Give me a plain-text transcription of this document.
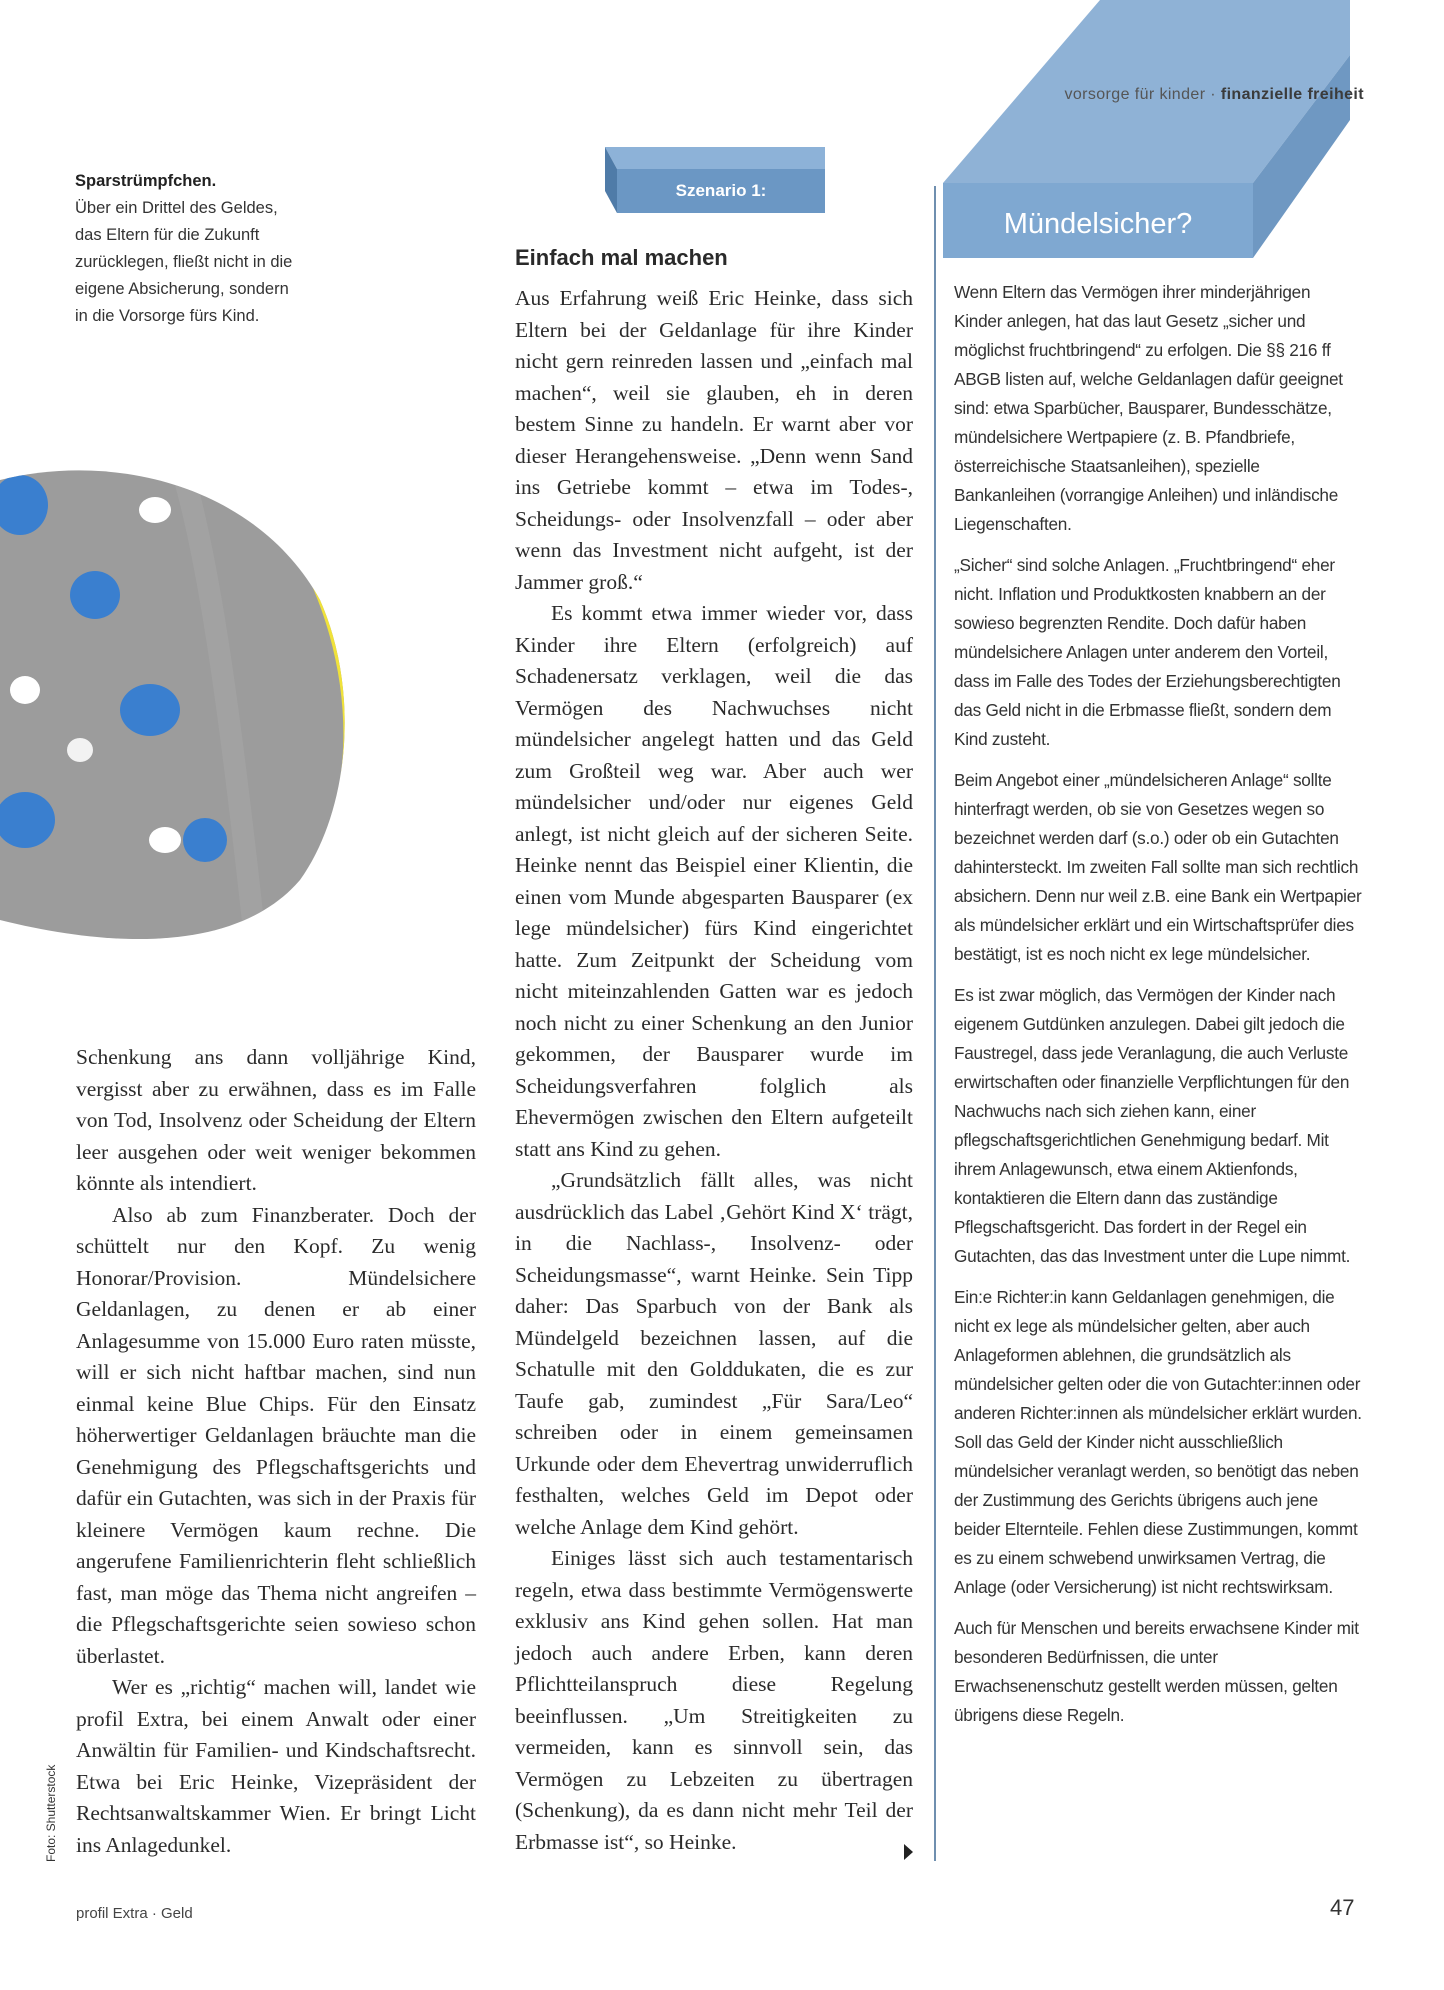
vorsorge für kinder · finanzielle freiheit
Sparstrümpfchen.
Über ein Drittel des Geldes, das Eltern für die Zukunft zurücklegen, fließt nicht in die eigene Absicherung, sondern in die Vorsorge fürs Kind.

Schenkung ans dann volljährige Kind, vergisst aber zu erwähnen, dass es im Falle von Tod, Insolvenz oder Scheidung der Eltern leer ausgehen oder weit weniger bekommen könnte als intendiert.

Also ab zum Finanzberater. Doch der schüttelt nur den Kopf. Zu wenig Honorar/Provision. Mündelsichere Geldanlagen, zu denen er ab einer Anlagesumme von 15.000 Euro raten müsste, will er sich nicht haftbar machen, sind nun einmal keine Blue Chips. Für den Einsatz höherwertiger Geldanlagen bräuchte man die Genehmigung des Pflegschaftsgerichts und dafür ein Gutachten, was sich in der Praxis für kleinere Vermögen kaum rechne. Die angerufene Familienrichterin fleht schließlich fast, man möge das Thema nicht angreifen – die Pflegschaftsgerichte seien sowieso schon überlastet.

Wer es „richtig“ machen will, landet wie profil Extra, bei einem Anwalt oder einer Anwältin für Familien- und Kindschaftsrecht. Etwa bei Eric Heinke, Vizepräsident der Rechtsanwaltskammer Wien. Er bringt Licht ins Anlagedunkel.

Szenario 1:
Einfach mal machen

Aus Erfahrung weiß Eric Heinke, dass sich Eltern bei der Geldanlage für ihre Kinder nicht gern reinreden lassen und „einfach mal machen“, weil sie glauben, eh in deren bestem Sinne zu handeln. Er warnt aber vor dieser Herangehensweise. „Denn wenn Sand ins Getriebe kommt – etwa im Todes-, Scheidungs- oder Insolvenzfall – oder aber wenn das Investment nicht aufgeht, ist der Jammer groß.“

Es kommt etwa immer wieder vor, dass Kinder ihre Eltern (erfolgreich) auf Schadenersatz verklagen, weil die das Vermögen des Nachwuchses nicht mündelsicher angelegt hatten und das Geld zum Großteil weg war. Aber auch wer mündelsicher und/oder nur eigenes Geld anlegt, ist nicht gleich auf der sicheren Seite. Heinke nennt das Beispiel einer Klientin, die einen vom Munde abgesparten Bausparer (ex lege mündelsicher) fürs Kind eingerichtet hatte. Zum Zeitpunkt der Scheidung vom nicht miteinzahlenden Gatten war es jedoch noch nicht zu einer Schenkung an den Junior gekommen, der Bausparer wurde im Scheidungsverfahren folglich als Ehevermögen zwischen den Eltern aufgeteilt statt ans Kind zu gehen.

„Grundsätzlich fällt alles, was nicht ausdrücklich das Label ‚Gehört Kind X‘ trägt, in die Nachlass-, Insolvenz- oder Scheidungsmasse“, warnt Heinke. Sein Tipp daher: Das Sparbuch von der Bank als Mündelgeld bezeichnen lassen, auf die Schatulle mit den Golddukaten, die es zur Taufe gab, zumindest „Für Sara/Leo“ schreiben oder in einem gemeinsamen Urkunde oder dem Ehevertrag unwiderruflich festhalten, welches Geld im Depot oder welche Anlage dem Kind gehört.

Einiges lässt sich auch testamentarisch regeln, etwa dass bestimmte Vermögenswerte exklusiv ans Kind gehen sollen. Hat man jedoch auch andere Erben, kann deren Pflichtteilanspruch diese Regelung beeinflussen. „Um Streitigkeiten zu vermeiden, kann es sinnvoll sein, das Vermögen zu Lebzeiten zu übertragen (Schenkung), da es dann nicht mehr Teil der Erbmasse ist“, so Heinke.

Mündelsicher?

Wenn Eltern das Vermögen ihrer minderjährigen Kinder anlegen, hat das laut Gesetz „sicher und möglichst fruchtbringend“ zu erfolgen. Die §§ 216 ff ABGB listen auf, welche Geldanlagen dafür geeignet sind: etwa Sparbücher, Bausparer, Bundesschätze, mündelsichere Wertpapiere (z. B. Pfandbriefe, österreichische Staatsanleihen), spezielle Bankanleihen (vorrangige Anleihen) und inländische Liegenschaften.

„Sicher“ sind solche Anlagen. „Fruchtbringend“ eher nicht. Inflation und Produktkosten knabbern an der sowieso begrenzten Rendite. Doch dafür haben mündelsichere Anlagen unter anderem den Vorteil, dass im Falle des Todes der Erziehungsberechtigten das Geld nicht in die Erbmasse fließt, sondern dem Kind zusteht.

Beim Angebot einer „mündelsicheren Anlage“ sollte hinterfragt werden, ob sie von Gesetzes wegen so bezeichnet werden darf (s.o.) oder ob ein Gutachten dahintersteckt. Im zweiten Fall sollte man sich rechtlich absichern. Denn nur weil z.B. eine Bank ein Wertpapier als mündelsicher erklärt und ein Wirtschaftsprüfer dies bestätigt, ist es noch nicht ex lege mündelsicher.

Es ist zwar möglich, das Vermögen der Kinder nach eigenem Gutdünken anzulegen. Dabei gilt jedoch die Faustregel, dass jede Veranlagung, die auch Verluste erwirtschaften oder finanzielle Verpflichtungen für den Nachwuchs nach sich ziehen kann, einer pflegschaftsgerichtlichen Genehmigung bedarf. Mit ihrem Anlagewunsch, etwa einem Aktienfonds, kontaktieren die Eltern dann das zuständige Pflegschaftsgericht. Das fordert in der Regel ein Gutachten, das das Investment unter die Lupe nimmt.

Ein:e Richter:in kann Geldanlagen genehmigen, die nicht ex lege als mündelsicher gelten, aber auch Anlageformen ablehnen, die grundsätzlich als mündelsicher gelten oder die von Gutachter:innen oder anderen Richter:innen als mündelsicher erklärt wurden. Soll das Geld der Kinder nicht ausschließlich mündelsicher veranlagt werden, so benötigt das neben der Zustimmung des Gerichts übrigens auch jene beider Elternteile. Fehlen diese Zustimmungen, kommt es zu einem schwebend unwirksamen Vertrag, die Anlage (oder Versicherung) ist nicht rechtswirksam.

Auch für Menschen und bereits erwachsene Kinder mit besonderen Bedürfnissen, die unter Erwachsenenschutz gestellt werden müssen, gelten übrigens diese Regeln.

Foto: Shutterstock
profil Extra · Geld	47
